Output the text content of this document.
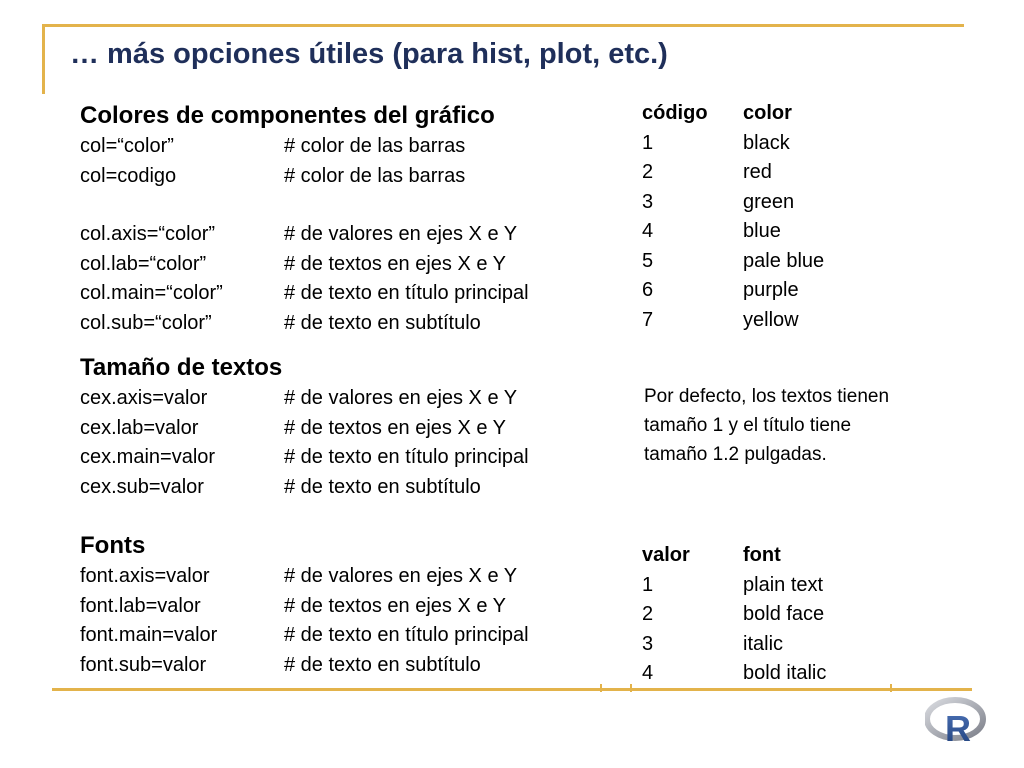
… más opciones útiles (para hist, plot, etc.)
Colores de componentes del gráfico
col=“color”	# color de las barras
col=codigo	# color de las barras
col.axis=“color”	# de valores en ejes X e Y
col.lab=“color”	# de textos en ejes X e Y
col.main=“color”	# de texto en título principal
col.sub=“color”	# de texto en subtítulo
Tamaño de textos
cex.axis=valor	# de valores en ejes X e Y
cex.lab=valor	# de textos en ejes X e Y
cex.main=valor	# de texto en título principal
cex.sub=valor	# de texto en subtítulo
Fonts
font.axis=valor	# de valores en ejes X e Y
font.lab=valor	# de textos en ejes X e Y
font.main=valor	# de texto en título principal
font.sub=valor	# de texto en subtítulo
código	color
1	black
2	red
3	green
4	blue
5	pale blue
6	purple
7	yellow
Por defecto, los textos tienen tamaño 1 y el título tiene tamaño 1.2 pulgadas.
valor	font
1	plain text
2	bold face
3	italic
4	bold italic
R
